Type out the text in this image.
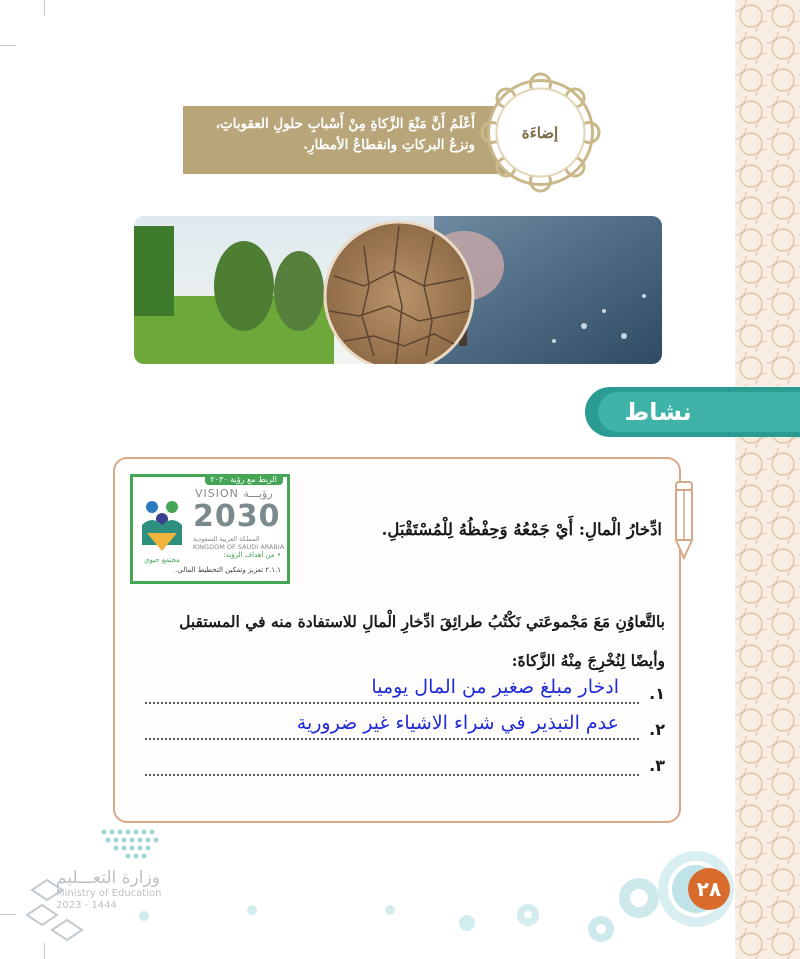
أَعْلَمُ أَنَّ مَنْعَ الزَّكاةِ مِنْ أَسْبابِ حلولِ العقوباتِ، ونزعُ البركاتِ وانقطاعُ الأمطارِ.
إضاءَة
نشاط
الربط مع رؤية ٢٠٣٠
مجتمع حيوي
VISION رؤيـــة
2030
المملكة العربية السعودية KINGDOM OF SAUDI ARABIA
• من أهداف الرؤية:
٢.١.١ تعزيز وتمكين التخطيط المالي.
ادِّخارُ الْمالِ: أَيْ جَمْعُهُ وَحِفْظُهُ لِلْمُسْتَقْبَلِ.
بالتَّعاوُنِ مَعَ مَجْموعَتي نَكْتُبُ طرائِقَ ادِّخارِ الْمالِ للاستفادة منه في المستقبل
وأيضًا لِنُخْرِجَ مِنْهُ الزَّكاةَ:
١.
ادخار مبلغ صغير من المال يوميا
٢.
عدم التبذير في شراء الاشياء غير ضرورية
٣.
٢٨
وزارة التعـــليم
Ministry of Education
2023 - 1444
